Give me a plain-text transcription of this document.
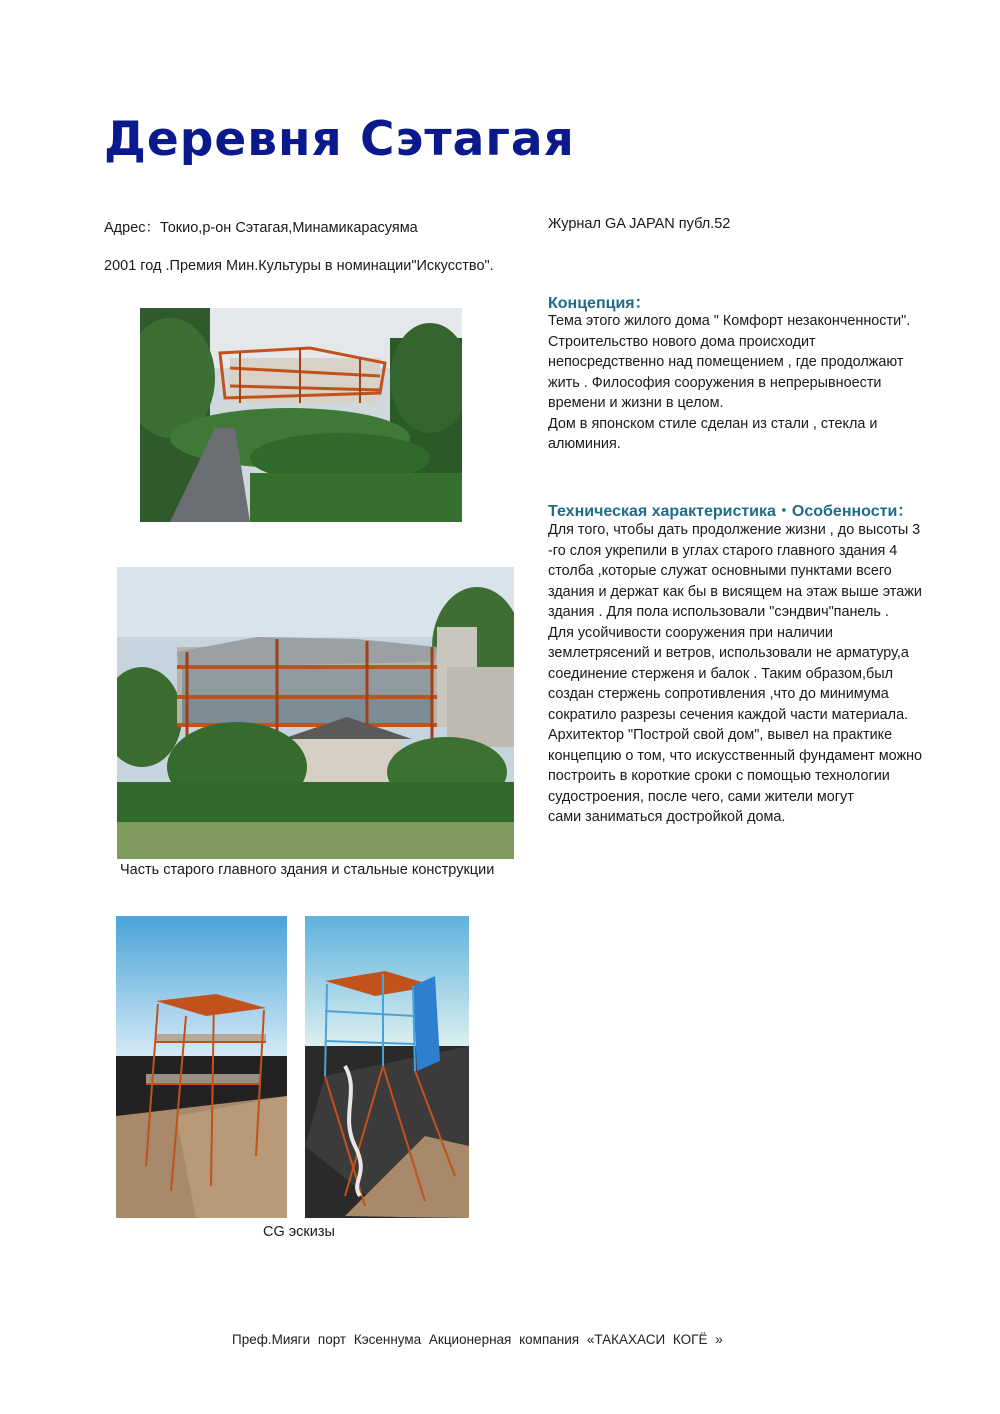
Деревня Сэтагая
Адрес：Токио,р-он Сэтагая,Минамикарасуяма	Журнал GA JAPAN публ.52
2001 год .Премия Мин.Культуры в номинации"Искусство".
Часть старого главного здания и стальные конструкции
CG эскизы
Концепция：

Тема этого жилого дома " Комфорт незаконченности".
Строительство нового дома происходит непосредственно над помещением , где продолжают жить . Философия сооружения в непрерывноести времени и жизни в целом.
Дом в японском стиле сделан из стали , стекла и алюминия.

Техническая характеристика・Особенности：

Для того, чтобы дать продолжение жизни , до высоты 3 -го слоя укрепили в углах старого главного здания 4 столба ,которые служат основными пунктами всего здания и держат как бы в висящем на этаж выше этажи здания . Для пола использовали "сэндвич"панель .
Для усойчивости сооружения при наличии землетрясений и ветров, использовали не арматуру,а соединение стерженя и балок . Таким образом,был создан стержень сопротивления ,что до минимума сократило разрезы сечения каждой части материала.
Архитектор "Построй свой дом", вывел на практике концепцию о том, что искусственный фундамент можно построить в короткие сроки с помощью технологии судостроения, после чего, сами жители могут
сами заниматься достройкой дома.

Преф.Мияги порт Кэсеннума Акционерная компания «ТАКАХАСИ КОГЁ »
